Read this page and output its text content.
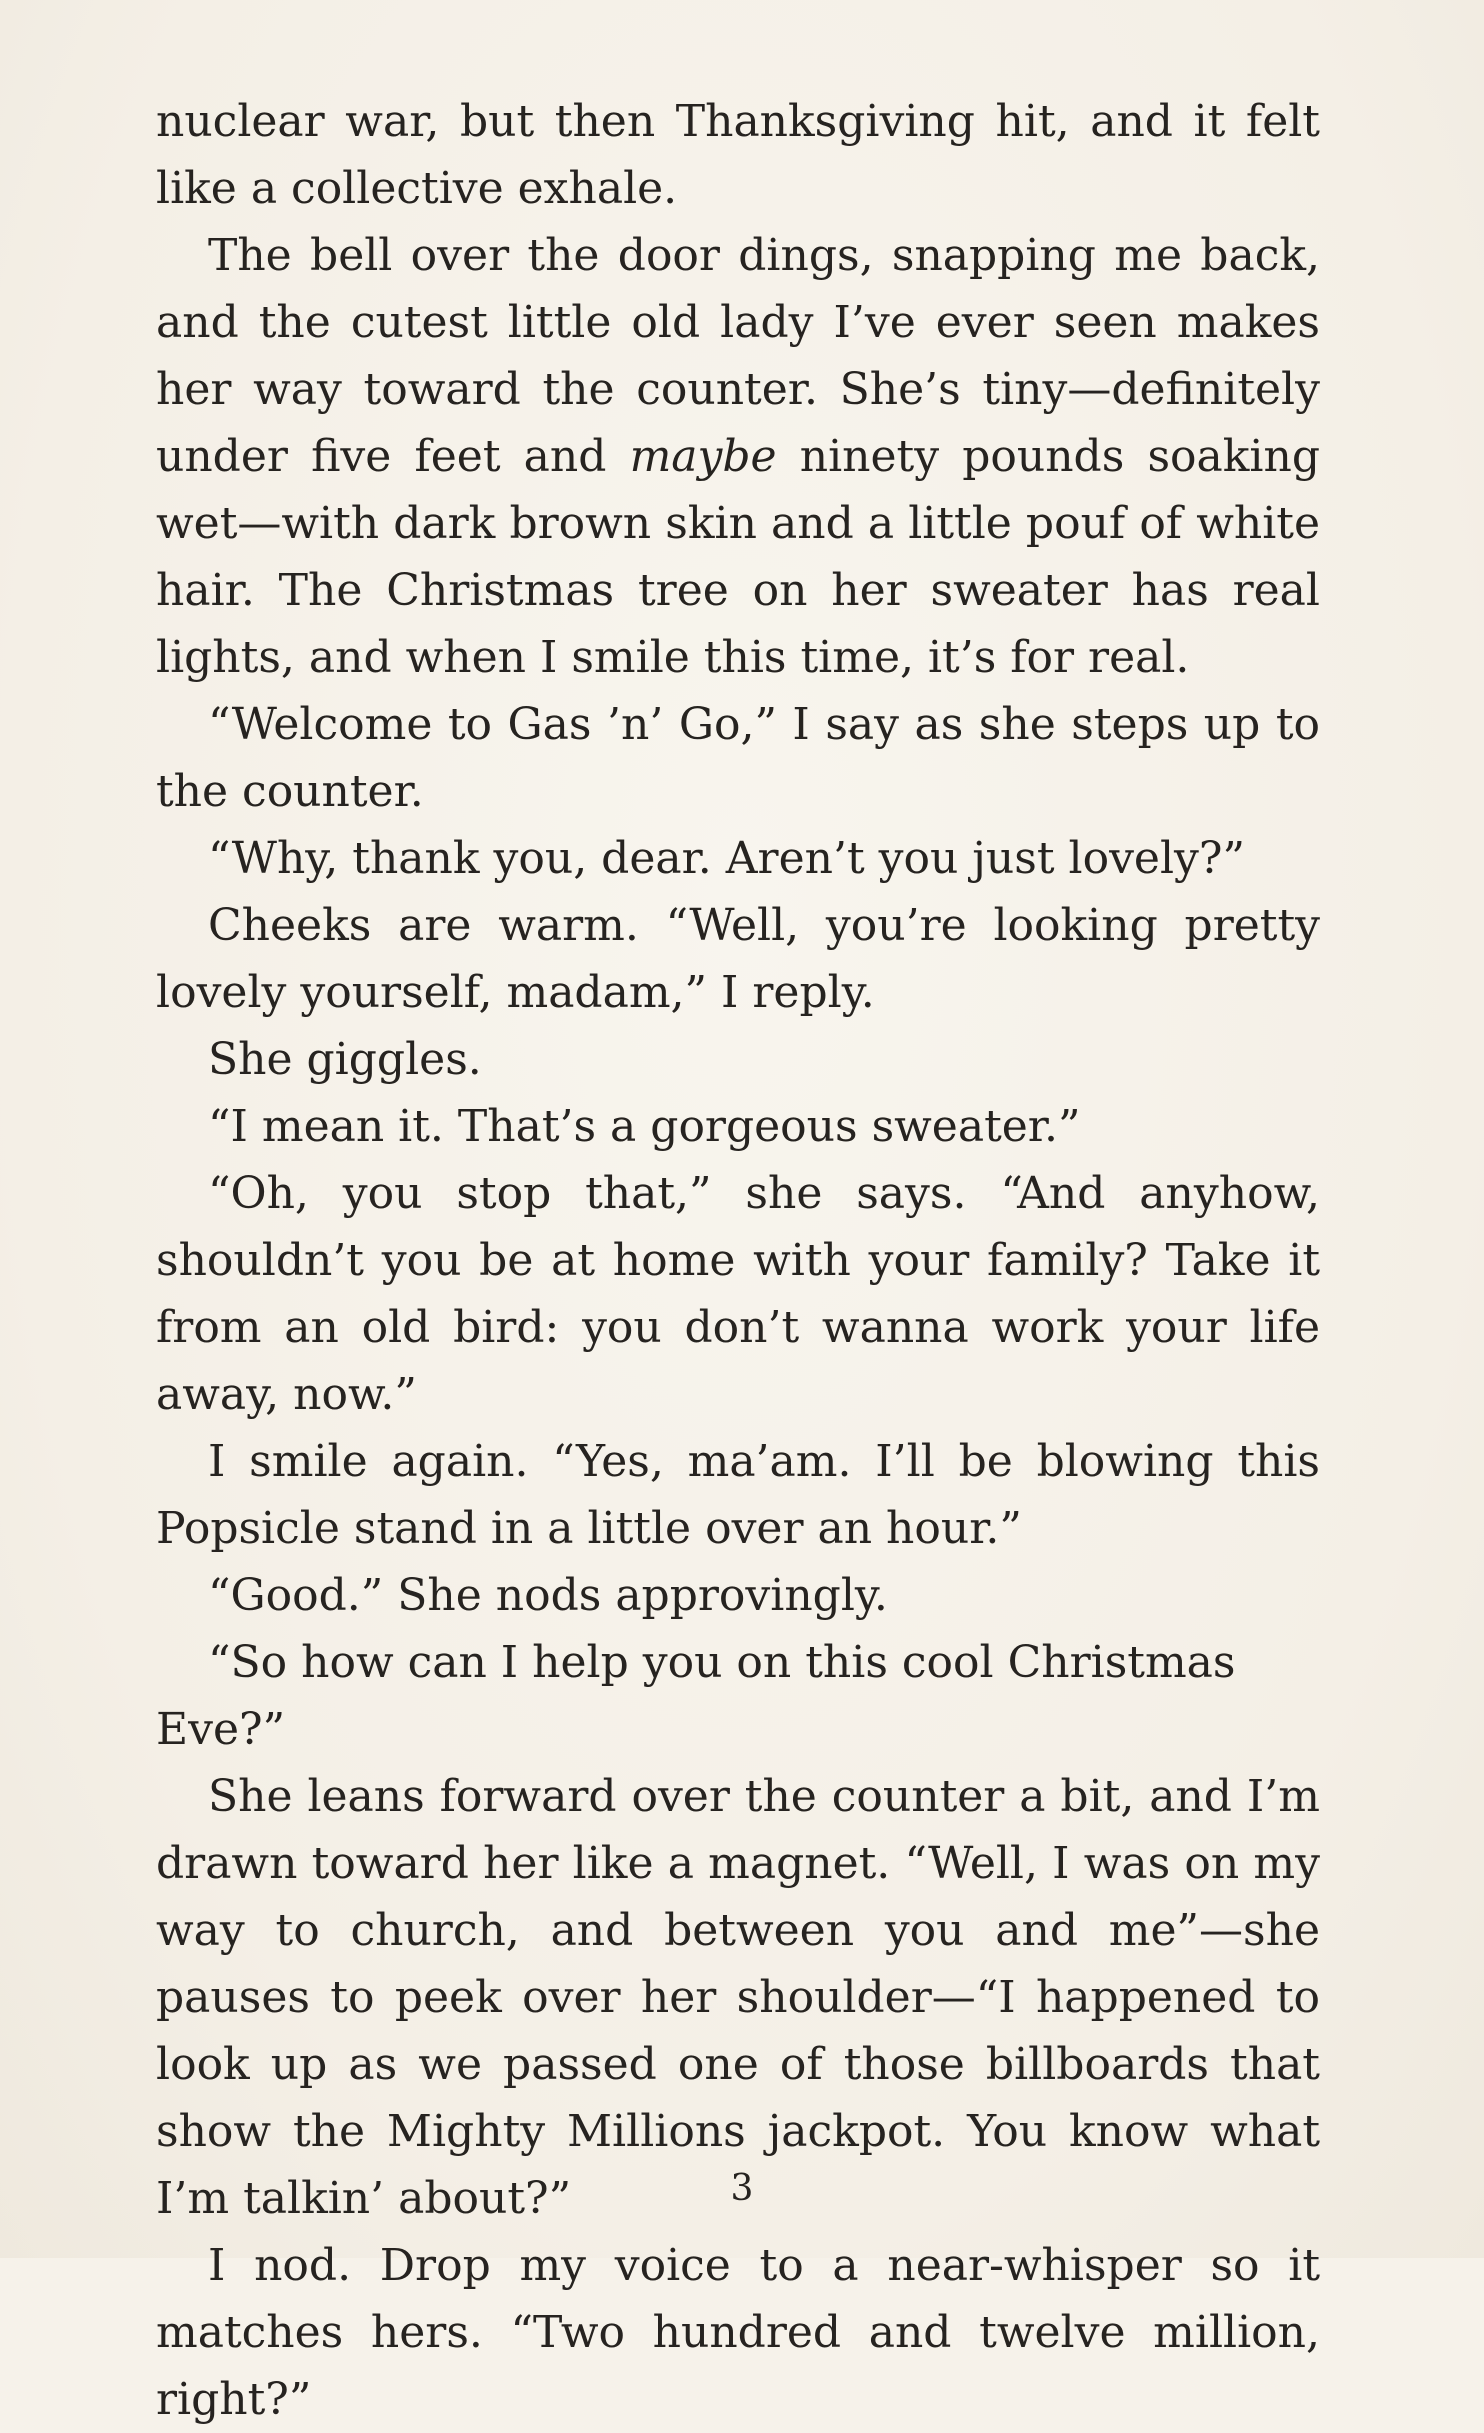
nuclear war, but then Thanksgiving hit, and it felt like a collective exhale.

The bell over the door dings, snapping me back, and the cutest little old lady I’ve ever seen makes her way toward the counter. She’s tiny—definitely under five feet and maybe ninety pounds soaking wet—with dark brown skin and a little pouf of white hair. The Christmas tree on her sweater has real lights, and when I smile this time, it’s for real.

“Welcome to Gas ’n’ Go,” I say as she steps up to the counter.

“Why, thank you, dear. Aren’t you just lovely?”

Cheeks are warm. “Well, you’re looking pretty lovely yourself, madam,” I reply.

She giggles.

“I mean it. That’s a gorgeous sweater.”

“Oh, you stop that,” she says. “And anyhow, shouldn’t you be at home with your family? Take it from an old bird: you don’t wanna work your life away, now.”

I smile again. “Yes, ma’am. I’ll be blowing this Popsicle stand in a little over an hour.”

“Good.” She nods approvingly.

“So how can I help you on this cool Christmas Eve?”

She leans forward over the counter a bit, and I’m drawn toward her like a magnet. “Well, I was on my way to church, and between you and me”—she pauses to peek over her shoulder—“I happened to look up as we passed one of those billboards that show the Mighty Millions jackpot. You know what I’m talkin’ about?”

I nod. Drop my voice to a near-whisper so it matches hers. “Two hundred and twelve million, right?”

3
